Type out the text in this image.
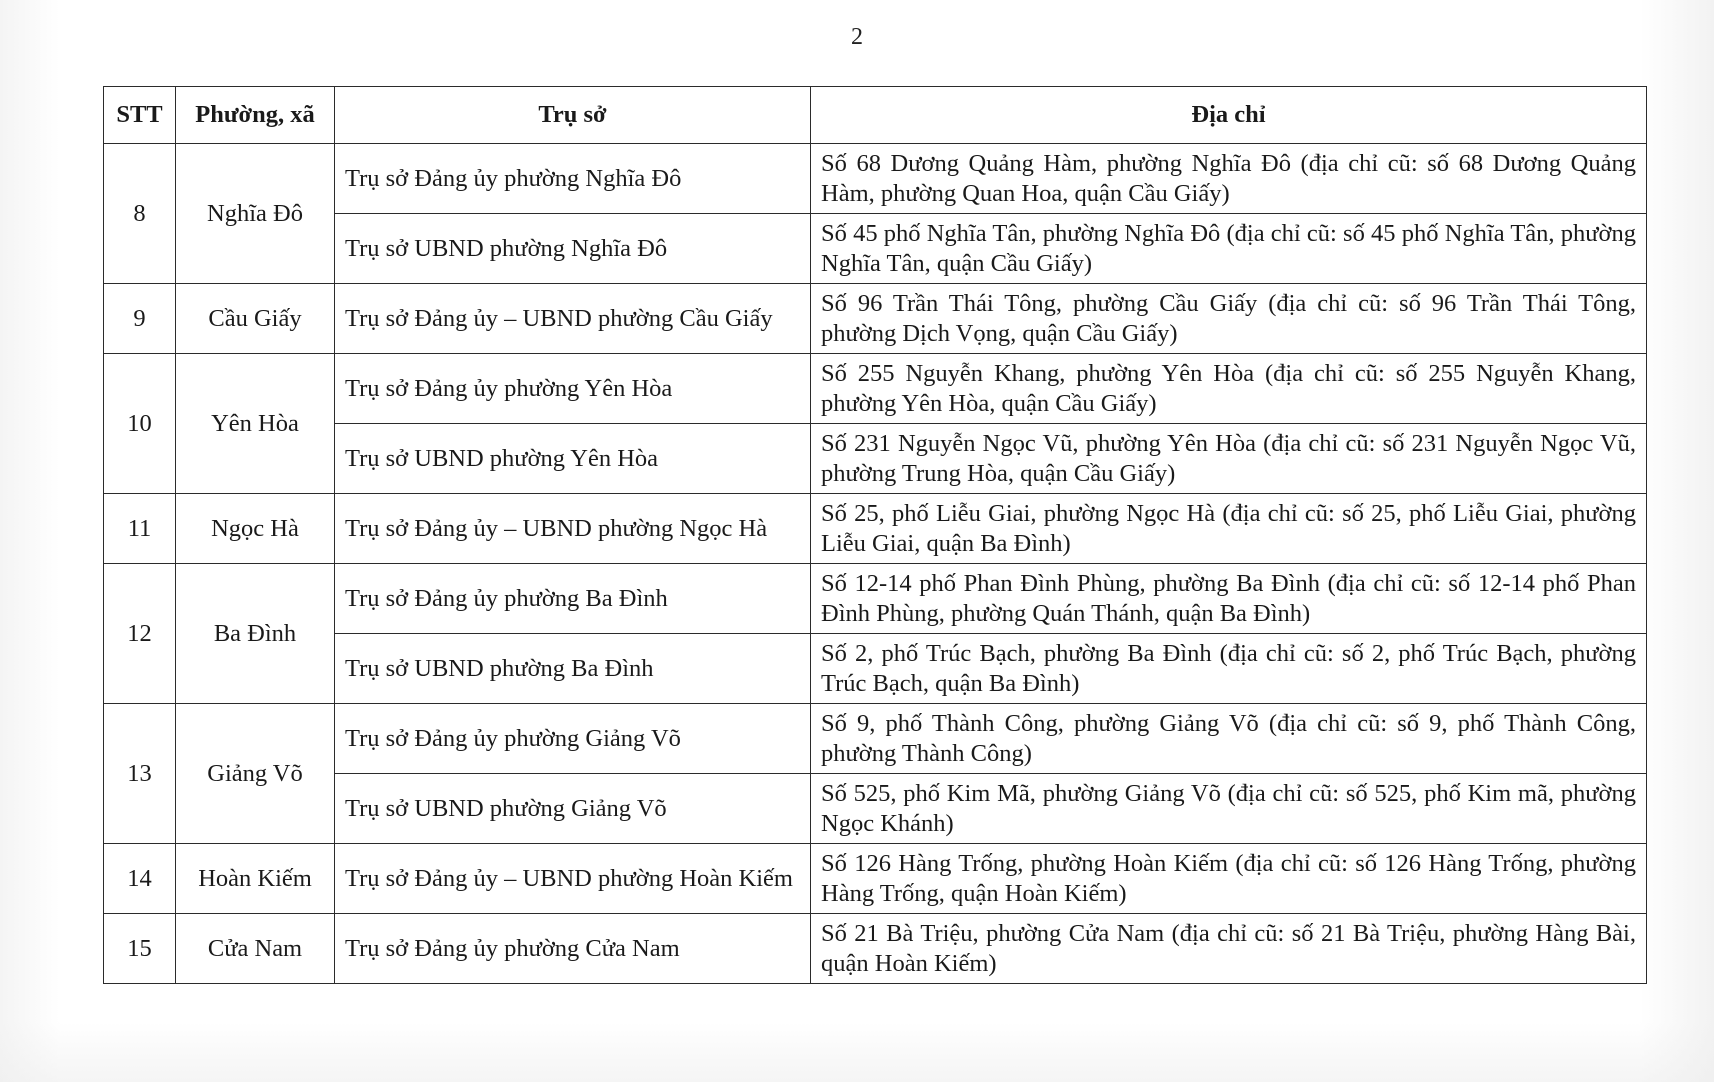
2
STT	Phường, xã	Trụ sở	Địa chỉ
8	Nghĩa Đô	Trụ sở Đảng ủy phường Nghĩa Đô	Số 68 Dương Quảng Hàm, phường Nghĩa Đô (địa chỉ cũ: số 68 Dương Quảng Hàm, phường Quan Hoa, quận Cầu Giấy)
		Trụ sở UBND phường Nghĩa Đô	Số 45 phố Nghĩa Tân, phường Nghĩa Đô (địa chỉ cũ: số 45 phố Nghĩa Tân, phường Nghĩa Tân, quận Cầu Giấy)
9	Cầu Giấy	Trụ sở Đảng ủy – UBND phường Cầu Giấy	Số 96 Trần Thái Tông, phường Cầu Giấy (địa chỉ cũ: số 96 Trần Thái Tông, phường Dịch Vọng, quận Cầu Giấy)
10	Yên Hòa	Trụ sở Đảng ủy phường Yên Hòa	Số 255 Nguyễn Khang, phường Yên Hòa (địa chỉ cũ: số 255 Nguyễn Khang, phường Yên Hòa, quận Cầu Giấy)
		Trụ sở UBND phường Yên Hòa	Số 231 Nguyễn Ngọc Vũ, phường Yên Hòa (địa chỉ cũ: số 231 Nguyễn Ngọc Vũ, phường Trung Hòa, quận Cầu Giấy)
11	Ngọc Hà	Trụ sở Đảng ủy – UBND phường Ngọc Hà	Số 25, phố Liễu Giai, phường Ngọc Hà (địa chỉ cũ: số 25, phố Liễu Giai, phường Liễu Giai, quận Ba Đình)
12	Ba Đình	Trụ sở Đảng ủy phường Ba Đình	Số 12-14 phố Phan Đình Phùng, phường Ba Đình (địa chỉ cũ: số 12-14 phố Phan Đình Phùng, phường Quán Thánh, quận Ba Đình)
		Trụ sở UBND phường Ba Đình	Số 2, phố Trúc Bạch, phường Ba Đình (địa chỉ cũ: số 2, phố Trúc Bạch, phường Trúc Bạch, quận Ba Đình)
13	Giảng Võ	Trụ sở Đảng ủy phường Giảng Võ	Số 9, phố Thành Công, phường Giảng Võ (địa chỉ cũ: số 9, phố Thành Công, phường Thành Công)
		Trụ sở UBND phường Giảng Võ	Số 525, phố Kim Mã, phường Giảng Võ (địa chỉ cũ: số 525, phố Kim mã, phường Ngọc Khánh)
14	Hoàn Kiếm	Trụ sở Đảng ủy – UBND phường Hoàn Kiếm	Số 126 Hàng Trống, phường Hoàn Kiếm (địa chỉ cũ: số 126 Hàng Trống, phường Hàng Trống, quận Hoàn Kiếm)
15	Cửa Nam	Trụ sở Đảng ủy phường Cửa Nam	Số 21 Bà Triệu, phường Cửa Nam (địa chỉ cũ: số 21 Bà Triệu, phường Hàng Bài, quận Hoàn Kiếm)
